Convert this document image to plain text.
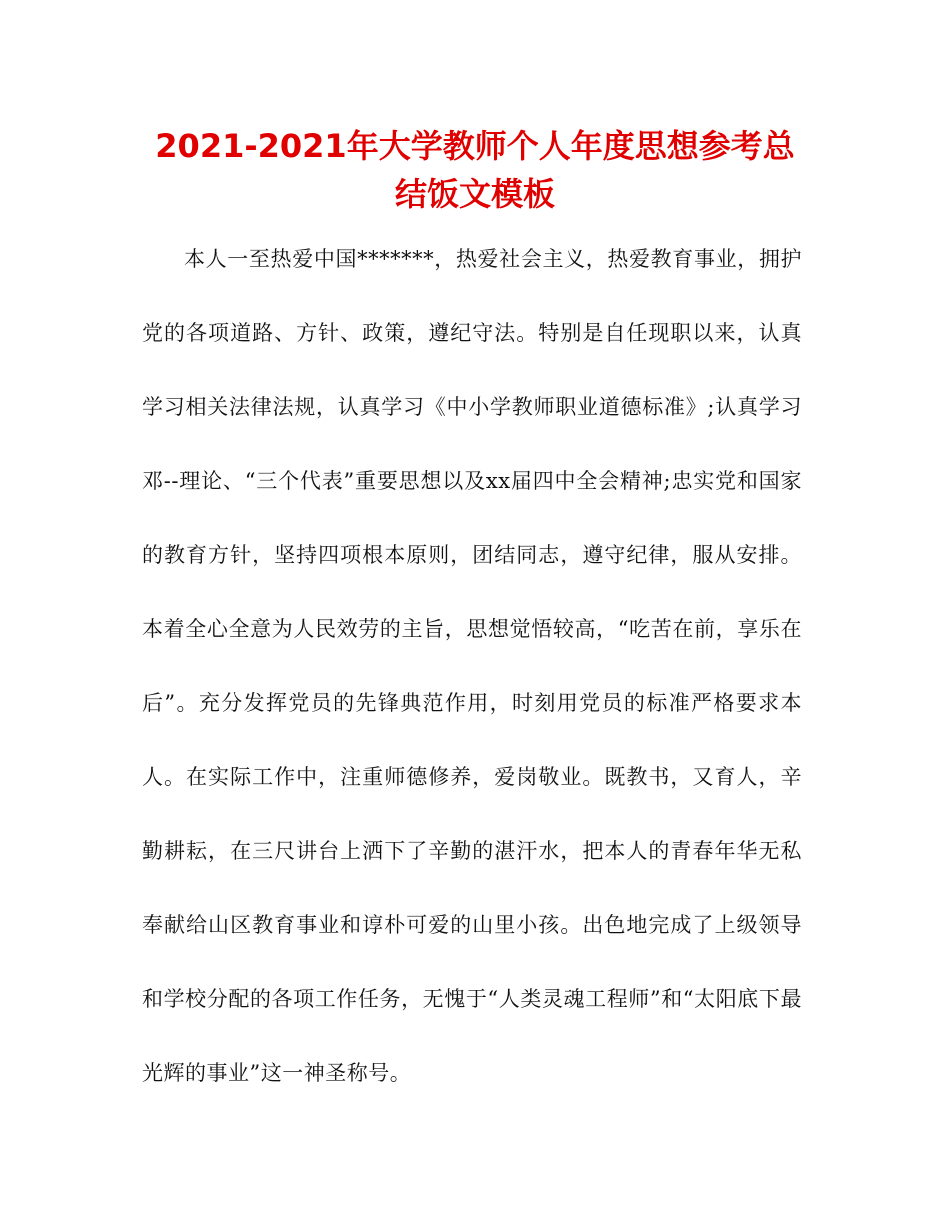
2021-2021年大学教师个人年度思想参考总结饭文模板

本人一至热爱中国*******，热爱社会主义，热爱教育事业，拥护党的各项道路、方针、政策，遵纪守法。特别是自任现职以来，认真学习相关法律法规，认真学习《中小学教师职业道德标准》;认真学习邓--理论、“三个代表”重要思想以及xx届四中全会精神;忠实党和国家的教育方针，坚持四项根本原则，团结同志，遵守纪律，服从安排。本着全心全意为人民效劳的主旨，思想觉悟较高，“吃苦在前，享乐在后”。充分发挥党员的先锋典范作用，时刻用党员的标准严格要求本人。在实际工作中，注重师德修养，爱岗敬业。既教书，又育人，辛勤耕耘，在三尺讲台上洒下了辛勤的湛汗水，把本人的青春年华无私奉献给山区教育事业和谆朴可爱的山里小孩。出色地完成了上级领导和学校分配的各项工作任务，无愧于“人类灵魂工程师”和“太阳底下最光辉的事业”这一神圣称号。
